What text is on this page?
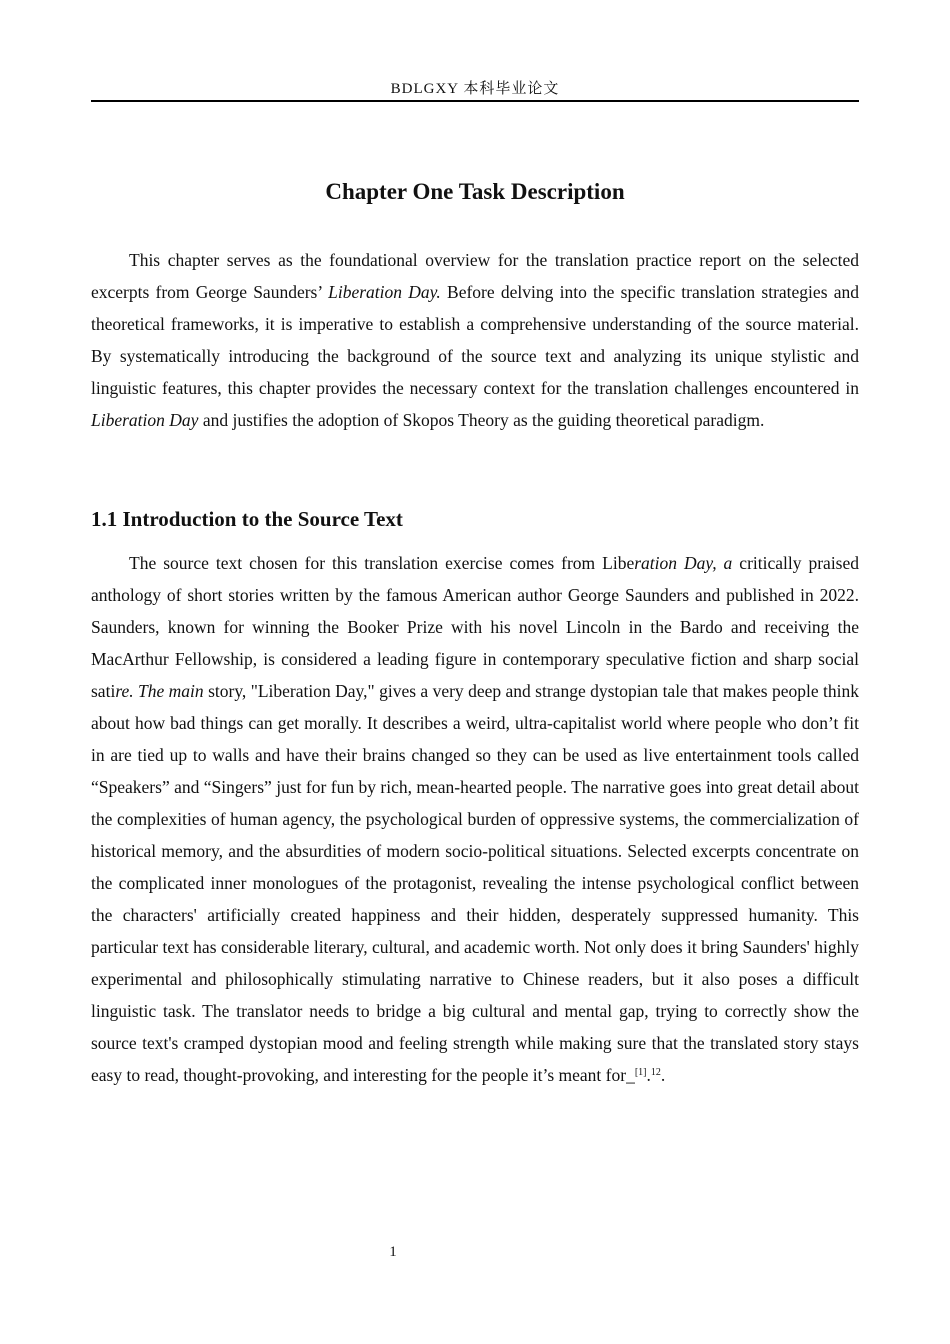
BDLGXY 本科毕业论文
Chapter One Task Description

This chapter serves as the foundational overview for the translation practice report on the selected excerpts from George Saunders’ Liberation Day. Before delving into the specific translation strategies and theoretical frameworks, it is imperative to establish a comprehensive understanding of the source material. By systematically introducing the background of the source text and analyzing its unique stylistic and linguistic features, this chapter provides the necessary context for the translation challenges encountered in Liberation Day and justifies the adoption of Skopos Theory as the guiding theoretical paradigm.

1.1 Introduction to the Source Text

The source text chosen for this translation exercise comes from Liberation Day, a critically praised anthology of short stories written by the famous American author George Saunders and published in 2022. Saunders, known for winning the Booker Prize with his novel Lincoln in the Bardo and receiving the MacArthur Fellowship, is considered a leading figure in contemporary speculative fiction and sharp social satire. The main story, "Liberation Day," gives a very deep and strange dystopian tale that makes people think about how bad things can get morally. It describes a weird, ultra-capitalist world where people who don’t fit in are tied up to walls and have their brains changed so they can be used as live entertainment tools called “Speakers” and “Singers” just for fun by rich, mean-hearted people. The narrative goes into great detail about the complexities of human agency, the psychological burden of oppressive systems, the commercialization of historical memory, and the absurdities of modern socio-political situations. Selected excerpts concentrate on the complicated inner monologues of the protagonist, revealing the intense psychological conflict between the characters' artificially created happiness and their hidden, desperately suppressed humanity. This particular text has considerable literary, cultural, and academic worth. Not only does it bring Saunders' highly experimental and philosophically stimulating narrative to Chinese readers, but it also poses a difficult linguistic task. The translator needs to bridge a big cultural and mental gap, trying to correctly show the source text's cramped dystopian mood and feeling strength while making sure that the translated story stays easy to read, thought-provoking, and interesting for the people it’s meant for_[1].$^{12}$.

1
